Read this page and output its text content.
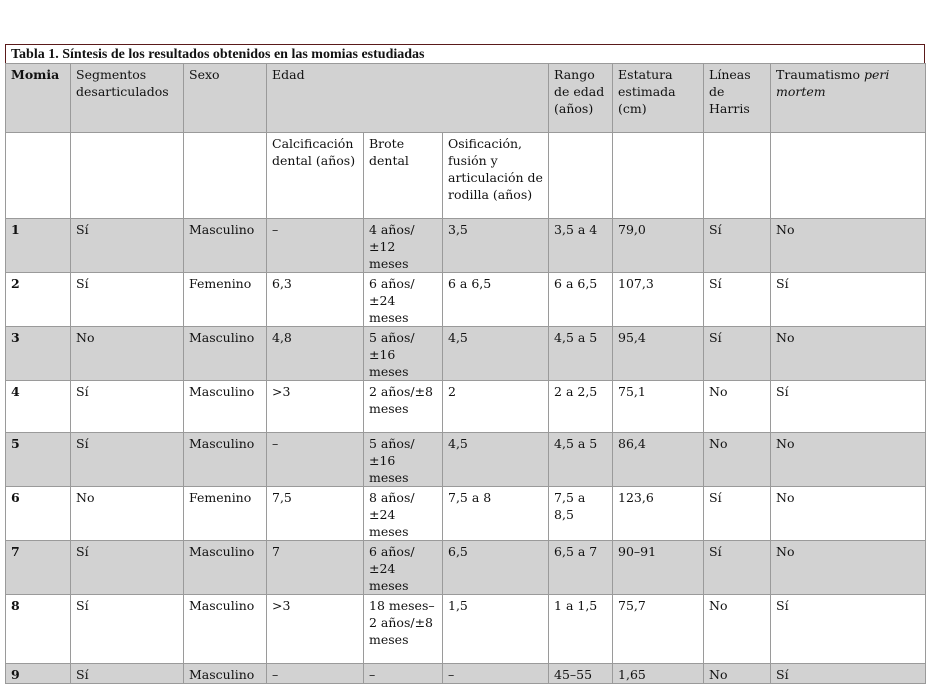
Tabla 1. Síntesis de los resultados obtenidos en las momias estudiadas
Momia	Segmentos desarticulados	Sexo	Edad			Rango de edad (años)	Estatura estimada (cm)	Líneas de Harris	Traumatismo peri mortem
			Calcificación dental (años)	Brote dental	Osificación, fusión y articulación de rodilla (años)				
1	Sí	Masculino	–	4 años/±12 meses	3,5	3,5 a 4	79,0	Sí	No
2	Sí	Femenino	6,3	6 años/±24 meses	6 a 6,5	6 a 6,5	107,3	Sí	Sí
3	No	Masculino	4,8	5 años/±16 meses	4,5	4,5 a 5	95,4	Sí	No
4	Sí	Masculino	>3	2 años/±8 meses	2	2 a 2,5	75,1	No	Sí
5	Sí	Masculino	–	5 años/±16 meses	4,5	4,5 a 5	86,4	No	No
6	No	Femenino	7,5	8 años/±24 meses	7,5 a 8	7,5 a 8,5	123,6	Sí	No
7	Sí	Masculino	7	6 años/±24 meses	6,5	6,5 a 7	90–91	Sí	No
8	Sí	Masculino	>3	18 meses–2 años/±8 meses	1,5	1 a 1,5	75,7	No	Sí
9	Sí	Masculino	–	–	–	45–55	1,65	No	Sí
